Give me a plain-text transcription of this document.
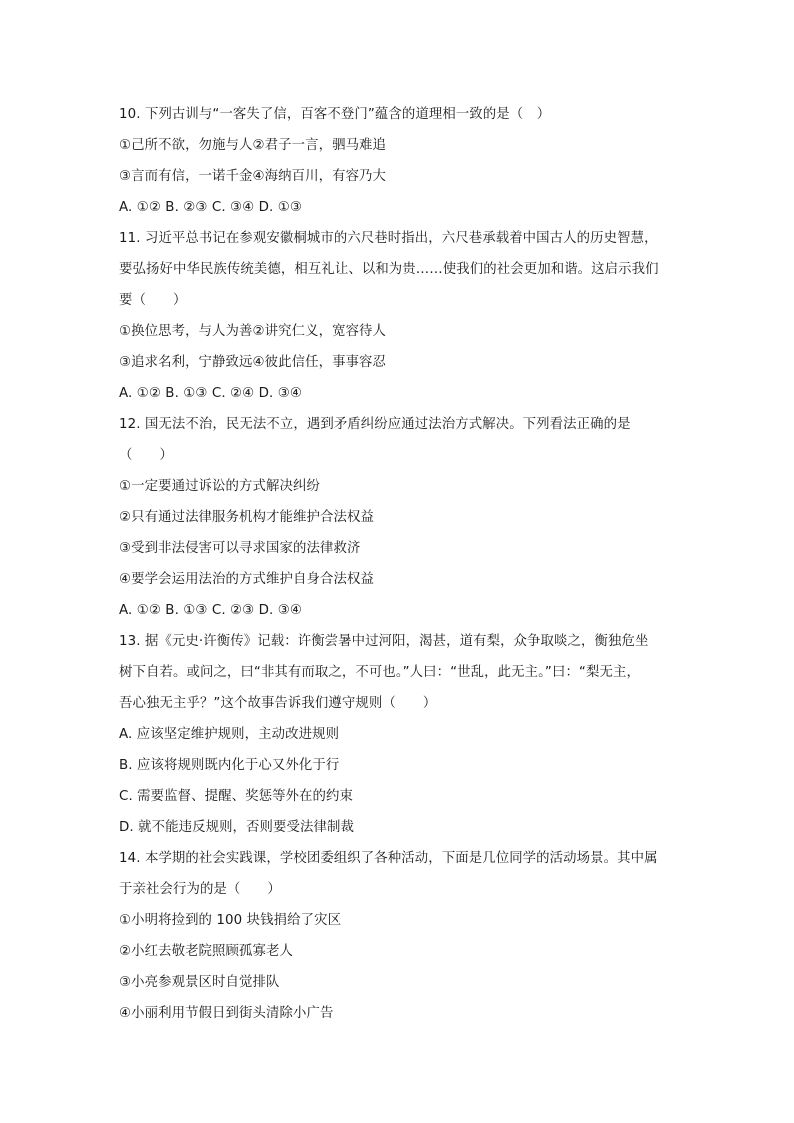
10. 下列古训与“一客失了信，百客不登门”蕴含的道理相一致的是（　）
①己所不欲，勿施与人②君子一言，驷马难追
③言而有信，一诺千金④海纳百川，有容乃大
A. ①② B. ②③ C. ③④ D. ①③
11. 习近平总书记在参观安徽桐城市的六尺巷时指出，六尺巷承载着中国古人的历史智慧，
要弘扬好中华民族传统美德，相互礼让、以和为贵……使我们的社会更加和谐。这启示我们
要（　　）
①换位思考，与人为善②讲究仁义，宽容待人
③追求名利，宁静致远④彼此信任，事事容忍
A. ①② B. ①③ C. ②④ D. ③④
12. 国无法不治，民无法不立，遇到矛盾纠纷应通过法治方式解决。下列看法正确的是
（　　）
①一定要通过诉讼的方式解决纠纷
②只有通过法律服务机构才能维护合法权益
③受到非法侵害可以寻求国家的法律救济
④要学会运用法治的方式维护自身合法权益
A. ①② B. ①③ C. ②③ D. ③④
13. 据《元史·许衡传》记载：许衡尝暑中过河阳，渴甚，道有梨，众争取啖之，衡独危坐
树下自若。或问之，曰“非其有而取之，不可也。”人曰：“世乱，此无主。”曰：“梨无主，
吾心独无主乎？”这个故事告诉我们遵守规则（　　）
A. 应该坚定维护规则，主动改进规则
B. 应该将规则既内化于心又外化于行
C. 需要监督、提醒、奖惩等外在的约束
D. 就不能违反规则，否则要受法律制裁
14. 本学期的社会实践课，学校团委组织了各种活动，下面是几位同学的活动场景。其中属
于亲社会行为的是（　　）
①小明将捡到的 100 块钱捐给了灾区
②小红去敬老院照顾孤寡老人
③小亮参观景区时自觉排队
④小丽利用节假日到街头清除小广告
